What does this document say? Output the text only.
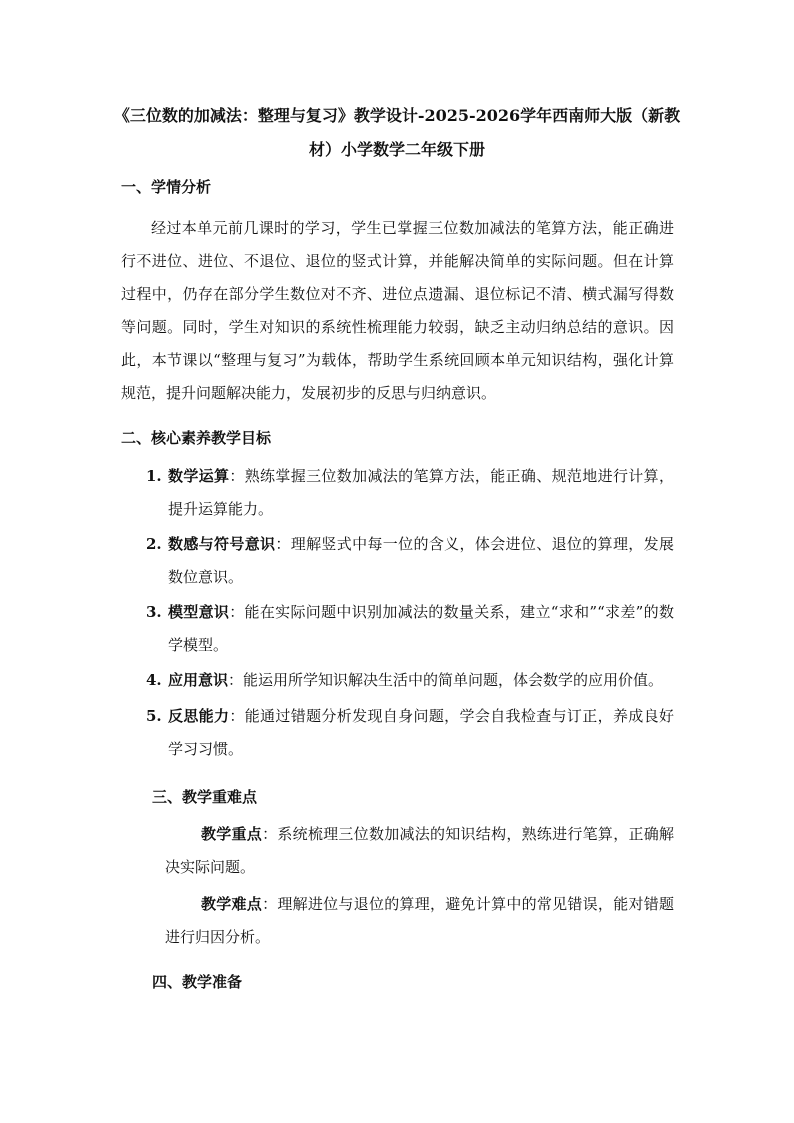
《三位数的加减法：整理与复习》教学设计-2025-2026学年西南师大版（新教材）小学数学二年级下册
一、学情分析
经过本单元前几课时的学习，学生已掌握三位数加减法的笔算方法，能正确进行不进位、进位、不退位、退位的竖式计算，并能解决简单的实际问题。但在计算过程中，仍存在部分学生数位对不齐、进位点遗漏、退位标记不清、横式漏写得数等问题。同时，学生对知识的系统性梳理能力较弱，缺乏主动归纳总结的意识。因此，本节课以“整理与复习”为载体，帮助学生系统回顾本单元知识结构，强化计算规范，提升问题解决能力，发展初步的反思与归纳意识。
二、核心素养教学目标
1. 数学运算：熟练掌握三位数加减法的笔算方法，能正确、规范地进行计算，提升运算能力。
2. 数感与符号意识：理解竖式中每一位的含义，体会进位、退位的算理，发展数位意识。
3. 模型意识：能在实际问题中识别加减法的数量关系，建立“求和”“求差”的数学模型。
4. 应用意识：能运用所学知识解决生活中的简单问题，体会数学的应用价值。
5. 反思能力：能通过错题分析发现自身问题，学会自我检查与订正，养成良好学习习惯。
三、教学重难点
教学重点：系统梳理三位数加减法的知识结构，熟练进行笔算，正确解决实际问题。
教学难点：理解进位与退位的算理，避免计算中的常见错误，能对错题进行归因分析。
四、教学准备
